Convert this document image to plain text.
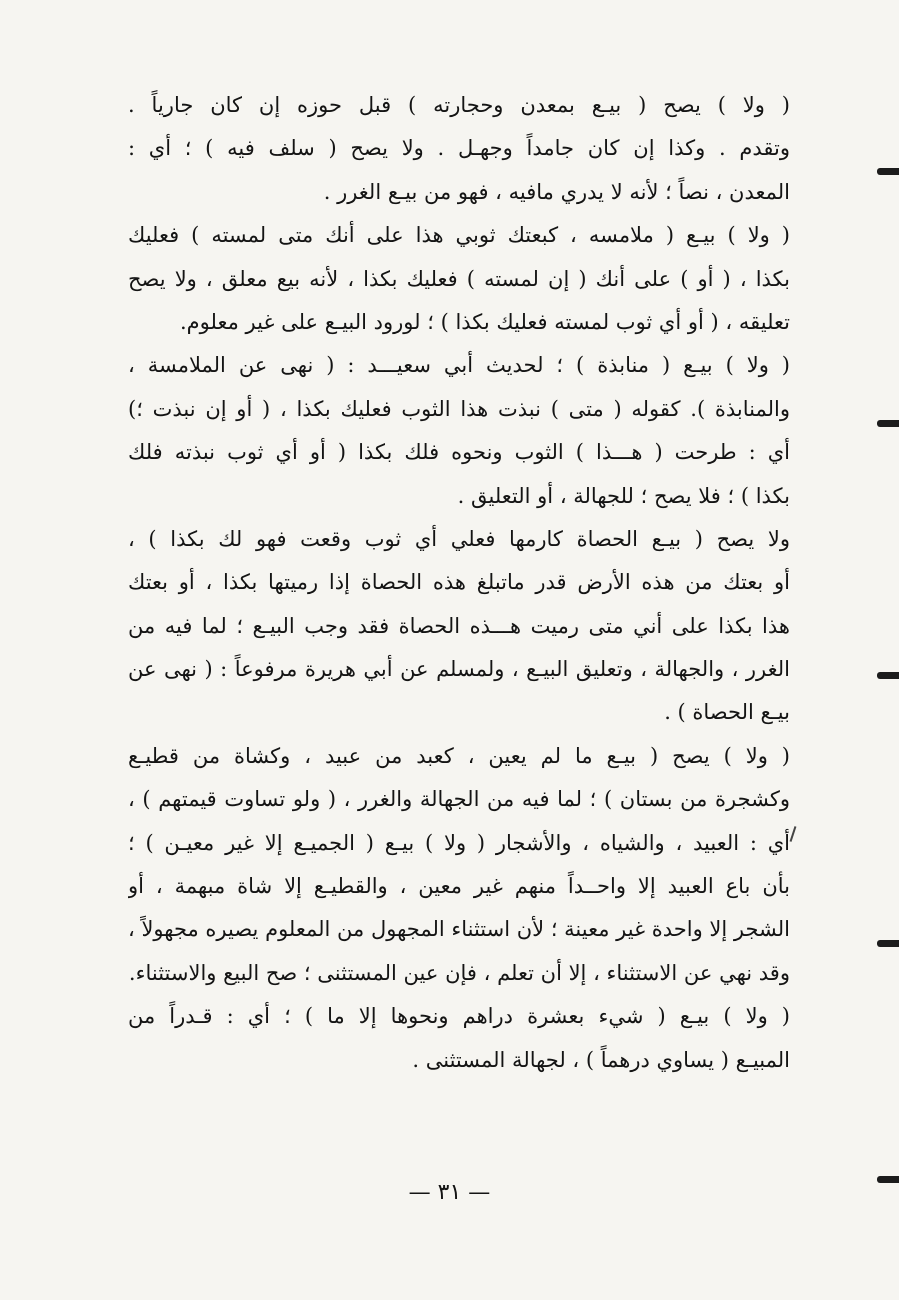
( ولا ) يصح ( بيـع بمعدن وحجارته ) قبل حوزه إن كان جارياً .
وتقدم . وكذا إن كان جامداً وجهـل . ولا يصح ( سلف فيه ) ؛ أي :
المعدن ، نصاً ؛ لأنه لا يدري مافيه ، فهو من بيـع الغرر .
( ولا ) بيـع ( ملامسه ، كبعتك ثوبي هذا على أنك متى لمسته ) فعليك
بكذا ، ( أو ) على أنك ( إن لمسته ) فعليك بكذا ، لأنه بيع معلق ، ولا يصح
تعليقه ، ( أو أي ثوب لمسته فعليك بكذا ) ؛ لورود البيـع على غير معلوم.
( ولا ) بيـع ( منابذة ) ؛ لحديث أبي سعيـــد : ( نهى عن الملامسة ،
والمنابذة ). كقوله ( متى ) نبذت هذا الثوب فعليك بكذا ، ( أو إن نبذت ؛)
أي : طرحت ( هـــذا ) الثوب ونحوه فلك بكذا ( أو أي ثوب نبذته فلك
بكذا ) ؛ فلا يصح ؛ للجهالة ، أو التعليق .
ولا يصح ( بيـع الحصاة كارمها فعلي أي ثوب وقعت فهو لك بكذا ) ،
أو بعتك من هذه الأرض قدر ماتبلغ هذه الحصاة إذا رميتها بكذا ، أو بعتك
هذا بكذا على أني متى رميت هـــذه الحصاة فقد وجب البيـع ؛ لما فيه من
الغرر ، والجهالة ، وتعليق البيـع ، ولمسلم عن أبي هريرة مرفوعاً : ( نهى عن
بيـع الحصاة ) .
( ولا ) يصح ( بيـع ما لم يعين ، كعبد من عبيد ، وكشاة من قطيـع
وكشجرة من بستان ) ؛ لما فيه من الجهالة والغرر ، ( ولو تساوت قيمتهم ) ،
أي : العبيد ، والشياه ، والأشجار ( ولا ) بيـع ( الجميـع إلا غير معيـن ) ؛
بأن باع العبيد إلا واحــداً منهم غير معين ، والقطيـع إلا شاة مبهمة ، أو
الشجر إلا واحدة غير معينة ؛ لأن استثناء المجهول من المعلوم يصيره مجهولاً ،
وقد نهي عن الاستثناء ، إلا أن تعلم ، فإن عين المستثنى ؛ صح البيع والاستثناء.
( ولا ) بيـع ( شيء بعشرة دراهم ونحوها إلا ما ) ؛ أي : قـدراً من
المبيـع ( يساوي درهماً ) ، لجهالة المستثنى .
— ٣١ —
